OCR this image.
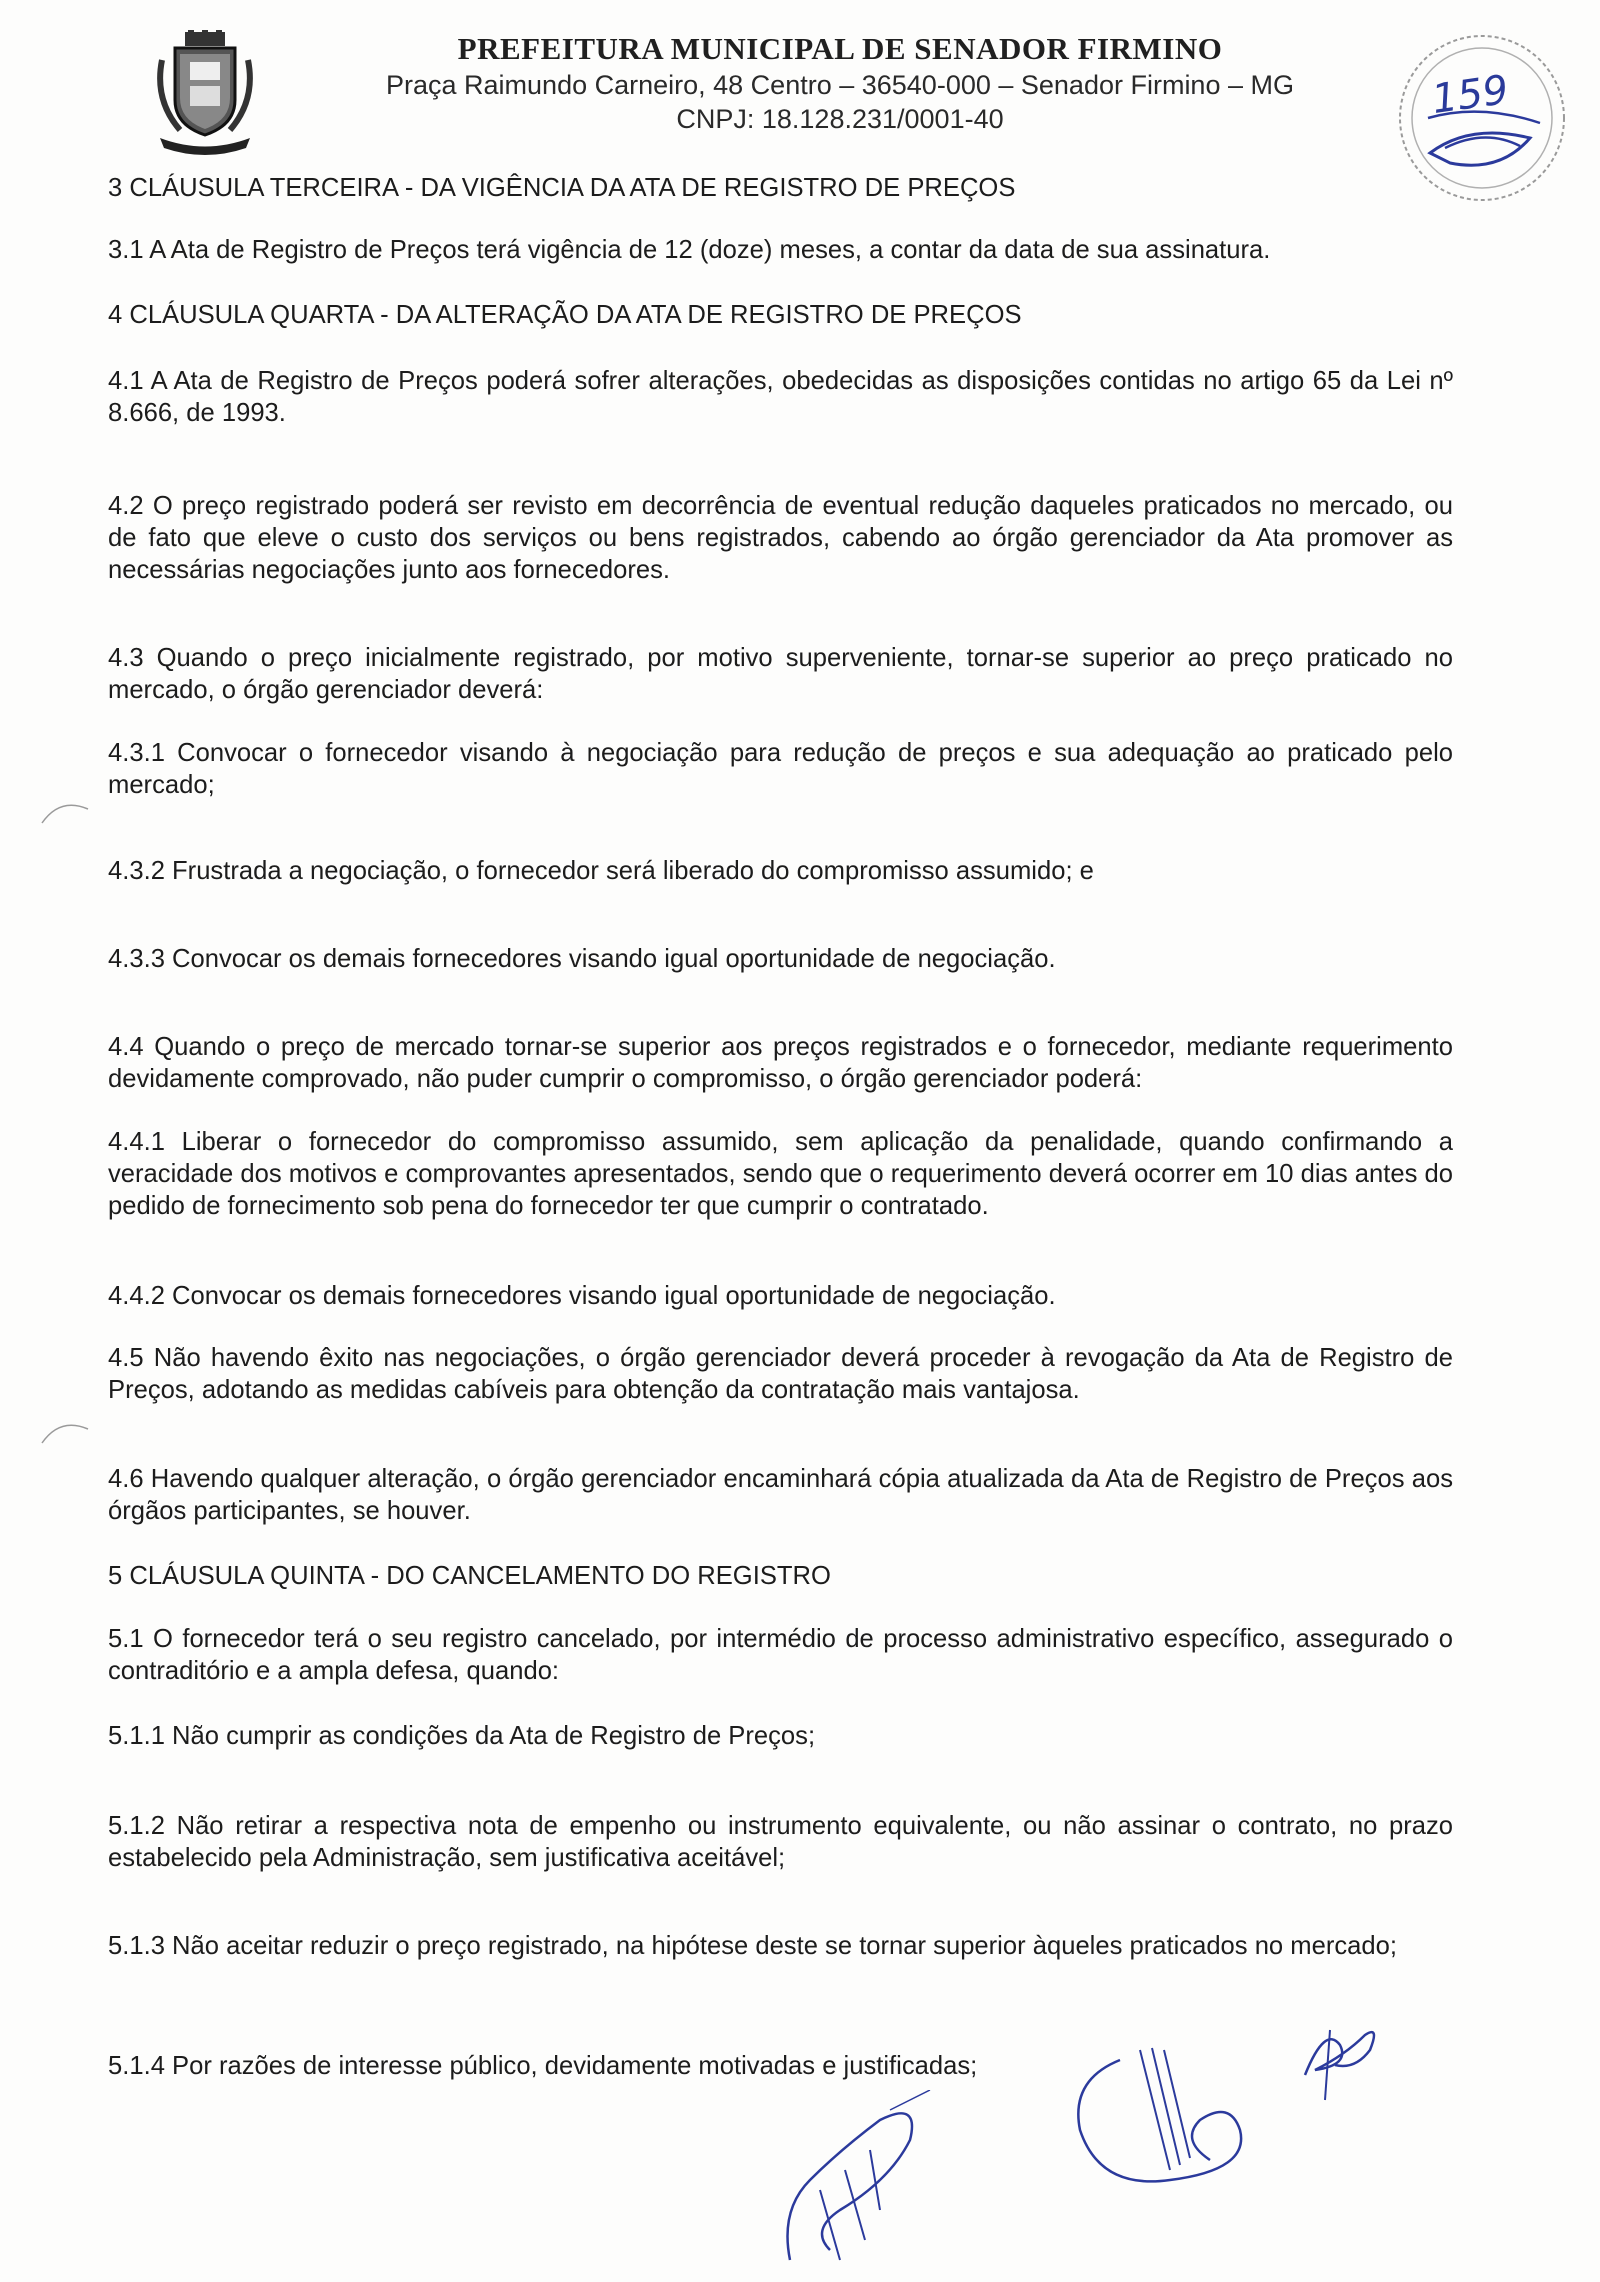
PREFEITURA MUNICIPAL DE SENADOR FIRMINO
Praça Raimundo Carneiro, 48 Centro – 36540-000 – Senador Firmino – MG
CNPJ: 18.128.231/0001-40	159

3 CLÁUSULA TERCEIRA - DA VIGÊNCIA DA ATA DE REGISTRO DE PREÇOS

3.1 A Ata de Registro de Preços terá vigência de 12 (doze) meses, a contar da data de sua assinatura.

4 CLÁUSULA QUARTA - DA ALTERAÇÃO DA ATA DE REGISTRO DE PREÇOS

4.1 A Ata de Registro de Preços poderá sofrer alterações, obedecidas as disposições contidas no artigo 65 da Lei nº 8.666, de 1993.

4.2 O preço registrado poderá ser revisto em decorrência de eventual redução daqueles praticados no mercado, ou de fato que eleve o custo dos serviços ou bens registrados, cabendo ao órgão gerenciador da Ata promover as necessárias negociações junto aos fornecedores.

4.3 Quando o preço inicialmente registrado, por motivo superveniente, tornar-se superior ao preço praticado no mercado, o órgão gerenciador deverá:

4.3.1 Convocar o fornecedor visando à negociação para redução de preços e sua adequação ao praticado pelo mercado;

4.3.2 Frustrada a negociação, o fornecedor será liberado do compromisso assumido; e

4.3.3 Convocar os demais fornecedores visando igual oportunidade de negociação.

4.4 Quando o preço de mercado tornar-se superior aos preços registrados e o fornecedor, mediante requerimento devidamente comprovado, não puder cumprir o compromisso, o órgão gerenciador poderá:

4.4.1 Liberar o fornecedor do compromisso assumido, sem aplicação da penalidade, quando confirmando a veracidade dos motivos e comprovantes apresentados, sendo que o requerimento deverá ocorrer em 10 dias antes do pedido de fornecimento sob pena do fornecedor ter que cumprir o contratado.

4.4.2 Convocar os demais fornecedores visando igual oportunidade de negociação.

4.5 Não havendo êxito nas negociações, o órgão gerenciador deverá proceder à revogação da Ata de Registro de Preços, adotando as medidas cabíveis para obtenção da contratação mais vantajosa.

4.6 Havendo qualquer alteração, o órgão gerenciador encaminhará cópia atualizada da Ata de Registro de Preços aos órgãos participantes, se houver.

5 CLÁUSULA QUINTA - DO CANCELAMENTO DO REGISTRO

5.1 O fornecedor terá o seu registro cancelado, por intermédio de processo administrativo específico, assegurado o contraditório e a ampla defesa, quando:

5.1.1 Não cumprir as condições da Ata de Registro de Preços;

5.1.2 Não retirar a respectiva nota de empenho ou instrumento equivalente, ou não assinar o contrato, no prazo estabelecido pela Administração, sem justificativa aceitável;

5.1.3 Não aceitar reduzir o preço registrado, na hipótese deste se tornar superior àqueles praticados no mercado;

5.1.4 Por razões de interesse público, devidamente motivadas e justificadas;
